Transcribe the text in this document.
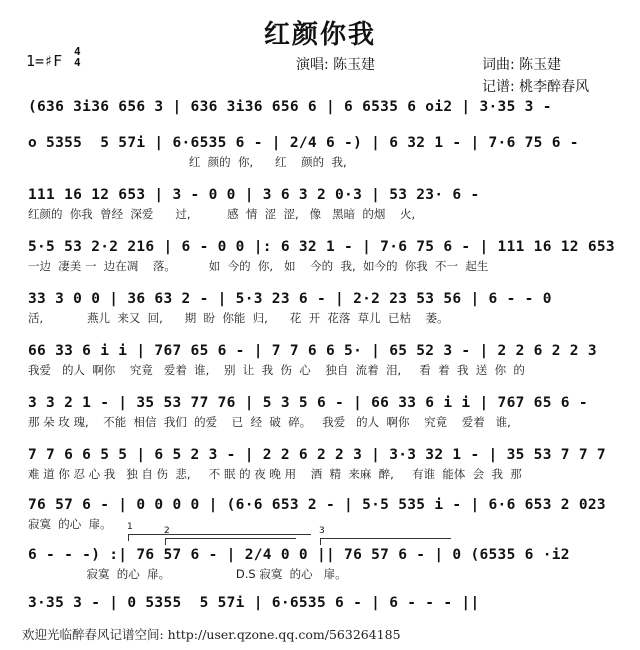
红颜你我
1=♯F
4
4	演唱: 陈玉建	词曲: 陈玉建
记谱: 桃李醉春风
(636 3i36 656 3 | 636 3i36 656 6 | 6 6535 6 oi2 | 3·35 3 -
o 5355  5 57i | 6·6535 6 - | 2/4 6 -) | 6 32 1 - | 7·6 75 6 -
红  颜的  你,      红    颜的  我,
111 16 12 653 | 3 - 0 0 | 3 6 3 2 0·3 | 53 23· 6 -
红颜的  你我  曾经  深爱      过,          感  情  涩  涩,   像   黑暗  的烟    火,
5·5 53 2·2 216 | 6 - 0 0 |: 6 32 1 - | 7·6 75 6 - | 111 16 12 653
一边  凄美 一  边在凋    落。         如  今的  你,   如    今的  我,  如今的  你我  不一  起生
33 3 0 0 | 36 63 2 - | 5·3 23 6 - | 2·2 23 53 56 | 6 - - 0
活,            燕儿  来又  回,      期  盼  你能  归,      花  开  花落  草儿  已枯    萎。
66 33 6 i i | 767 65 6 - | 7 7 6 6 5· | 65 52 3 - | 2 2 6 2 2 3
我爱   的人  啊你    究竟   爱着  谁,    别  让  我  伤  心    独自  流着  泪,     看  着  我  送  你  的
3 3 2 1 - | 35 53 77 76 | 5 3 5 6 - | 66 33 6 i i | 767 65 6 -
那 朵 玫 瑰,    不能  相信  我们  的爱    已  经  破  碎。   我爱   的人  啊你    究竟    爱着   谁,
7 7 6 6 5 5 | 6 5 2 3 - | 2 2 6 2 2 3 | 3·3 32 1 - | 35 53 7 7 7
难 道 你 忍 心 我   独 自 伤  悲,     不 眠 的 夜 晚 用    酒  精  来麻  醉,     有谁  能体  会  我  那
76 57 6 - | 0 0 0 0 | (6·6 653 2 - | 5·5 535 i - | 6·6 653 2 023
寂寞  的心  扉。
6 - - -) :| 76 57 6 - | 2/4 0 0 || 76 57 6 - | 0 (6535 6 ·i2
寂寞  的心  扉。                  D.S 寂寞  的心   扉。
3·35 3 - | 0 5355  5 57i | 6·6535 6 - | 6 - - - ||
1	2	3
欢迎光临醉春风记谱空间: http://user.qzone.qq.com/563264185
